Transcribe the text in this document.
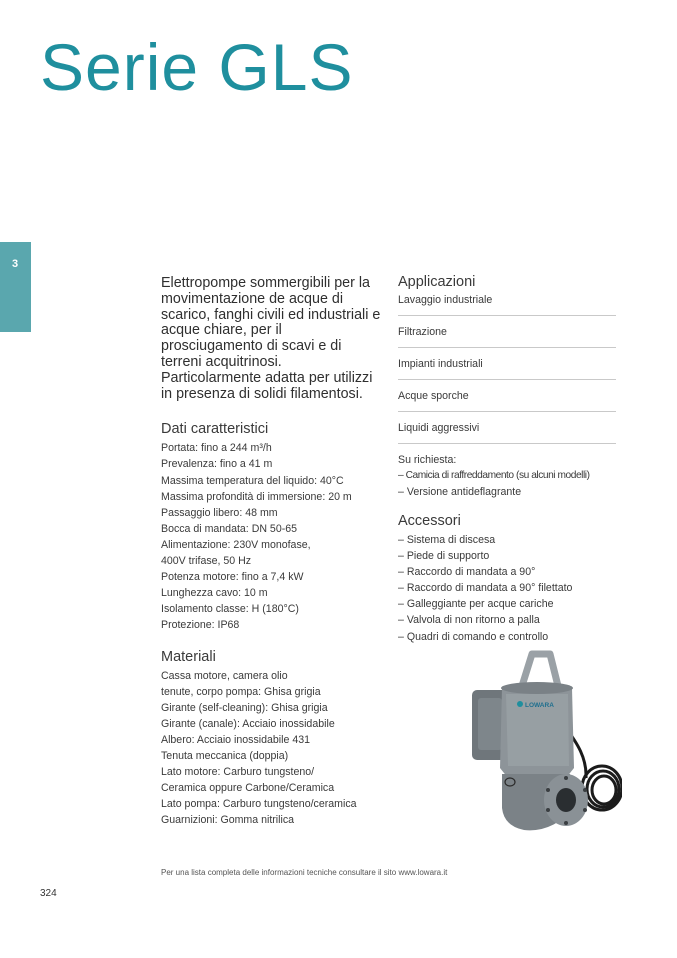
Serie GLS
3

Elettropompe sommergibili per la movimentazione de acque di scarico, fanghi civili ed industriali e acque chiare, per il prosciugamento di scavi e di terreni acquitrinosi. Particolarmente adatta per utilizzi in presenza di solidi filamentosi.

Dati caratteristici
Portata: fino a 244 m³/h
Prevalenza: fino a 41 m
Massima temperatura del liquido: 40°C
Massima profondità di immersione: 20 m
Passaggio libero: 48 mm
Bocca di mandata: DN 50-65
Alimentazione: 230V monofase,
400V trifase, 50 Hz
Potenza motore: fino a 7,4 kW
Lunghezza cavo: 10 m
Isolamento classe: H (180°C)
Protezione: IP68
Materiali
Cassa motore, camera olio
tenute, corpo pompa: Ghisa grigia
Girante (self-cleaning): Ghisa grigia
Girante (canale): Acciaio inossidabile
Albero: Acciaio inossidabile 431
Tenuta meccanica (doppia)
Lato motore: Carburo tungsteno/
Ceramica oppure Carbone/Ceramica
Lato pompa: Carburo tungsteno/ceramica
Guarnizioni: Gomma nitrilica
Applicazioni
Lavaggio industriale
Filtrazione
Impianti industriali
Acque sporche
Liquidi aggressivi

Su richiesta:

– Camicia di raffreddamento (su alcuni modelli)

– Versione antideflagrante

Accessori
– Sistema di discesa
– Piede di supporto
– Raccordo di mandata a 90°
– Raccordo di mandata a 90° filettato
– Galleggiante per acque cariche
– Valvola di non ritorno a palla
– Quadri di comando e controllo
LOWARA
Per una lista completa delle informazioni tecniche consultare il sito www.lowara.it
324
